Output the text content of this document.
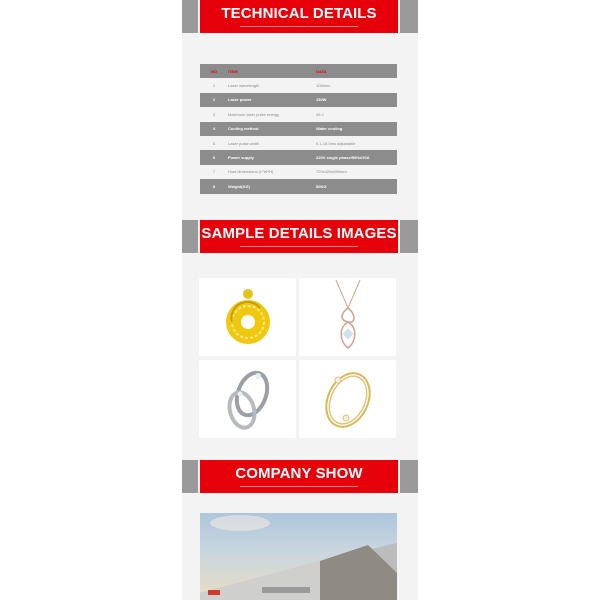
TECHNICAL DETAILS
NO	ITEM	DATA
1	Laser wavelength	1064nm
2	Laser power	150W
3	Maximum laser pulse energy	45 J
4	Cooling method	Water cooling
5	Laser pulse width	0.1-15.0ms adjustable
6	Power supply	220V single phase/50Hz/20A
7	Host dimensions (L*W*H)	720x420x590mm
8	Weight(KG)	50KG
SAMPLE DETAILS IMAGES
COMPANY SHOW
